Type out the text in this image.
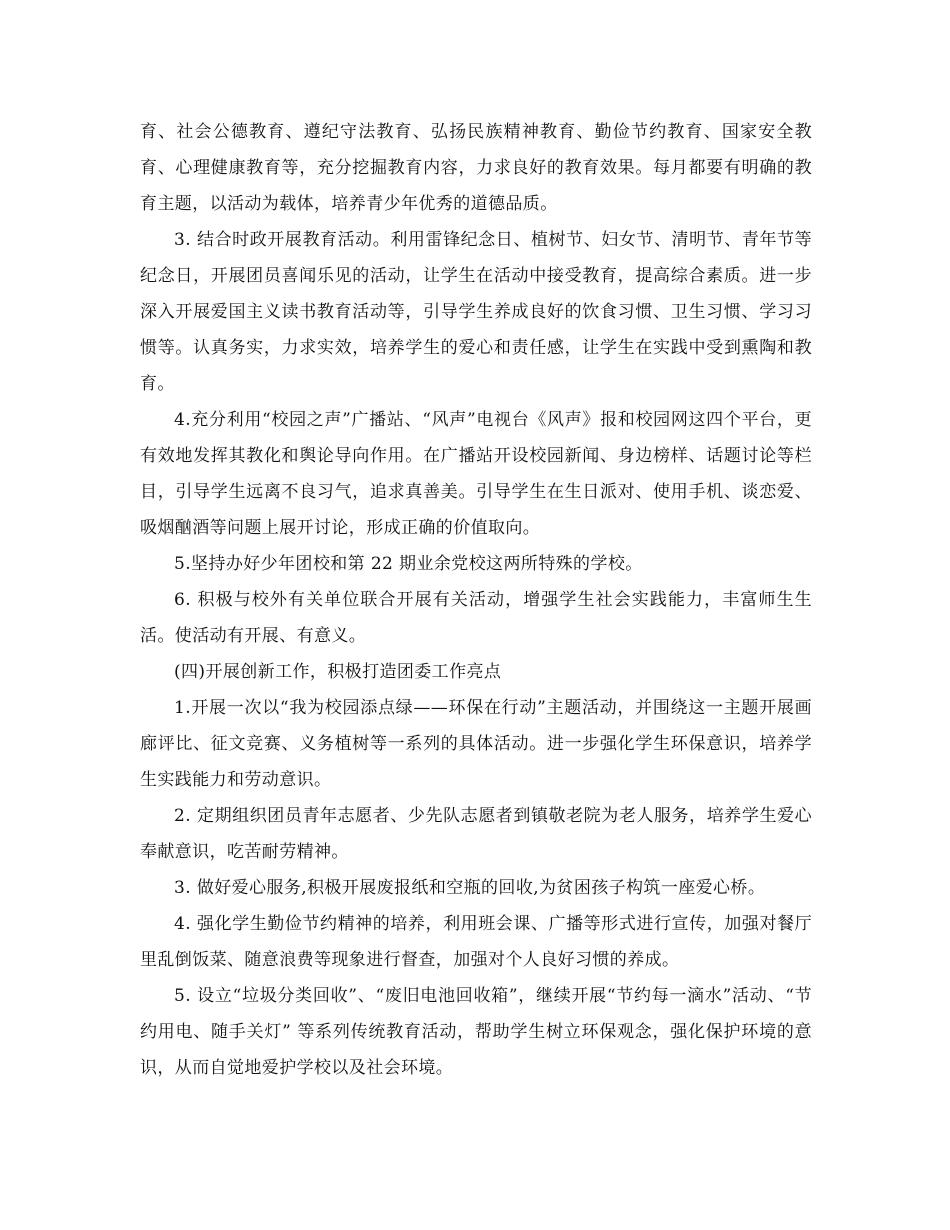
育、社会公德教育、遵纪守法教育、弘扬民族精神教育、勤俭节约教育、国家安全教育、心理健康教育等，充分挖掘教育内容，力求良好的教育效果。每月都要有明确的教育主题，以活动为载体，培养青少年优秀的道德品质。

3. 结合时政开展教育活动。利用雷锋纪念日、植树节、妇女节、清明节、青年节等纪念日，开展团员喜闻乐见的活动，让学生在活动中接受教育，提高综合素质。进一步深入开展爱国主义读书教育活动等，引导学生养成良好的饮食习惯、卫生习惯、学习习惯等。认真务实，力求实效，培养学生的爱心和责任感，让学生在实践中受到熏陶和教育。

4.充分利用“校园之声”广播站、“风声”电视台《风声》报和校园网这四个平台，更有效地发挥其教化和舆论导向作用。在广播站开设校园新闻、身边榜样、话题讨论等栏目，引导学生远离不良习气，追求真善美。引导学生在生日派对、使用手机、谈恋爱、吸烟酗酒等问题上展开讨论，形成正确的价值取向。

5.坚持办好少年团校和第 22 期业余党校这两所特殊的学校。

6. 积极与校外有关单位联合开展有关活动，增强学生社会实践能力，丰富师生生活。使活动有开展、有意义。

(四)开展创新工作，积极打造团委工作亮点

1.开展一次以“我为校园添点绿——环保在行动”主题活动，并围绕这一主题开展画廊评比、征文竞赛、义务植树等一系列的具体活动。进一步强化学生环保意识，培养学生实践能力和劳动意识。

2. 定期组织团员青年志愿者、少先队志愿者到镇敬老院为老人服务，培养学生爱心奉献意识，吃苦耐劳精神。

3. 做好爱心服务,积极开展废报纸和空瓶的回收,为贫困孩子构筑一座爱心桥。

4. 强化学生勤俭节约精神的培养，利用班会课、广播等形式进行宣传，加强对餐厅里乱倒饭菜、随意浪费等现象进行督查，加强对个人良好习惯的养成。

5. 设立“垃圾分类回收”、“废旧电池回收箱”，继续开展“节约每一滴水”活动、“节约用电、随手关灯” 等系列传统教育活动，帮助学生树立环保观念，强化保护环境的意识，从而自觉地爱护学校以及社会环境。
